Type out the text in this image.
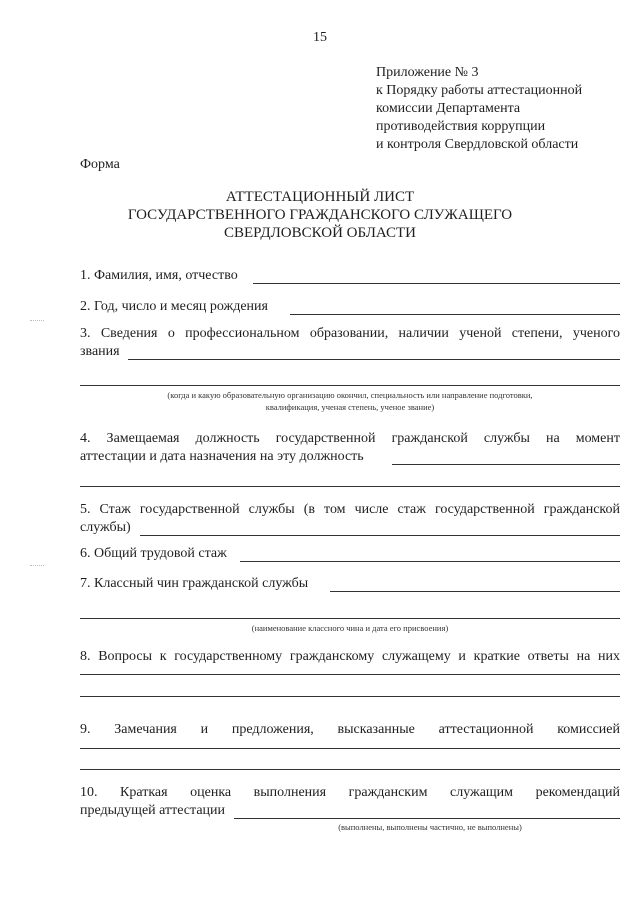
15
Приложение № 3
к Порядку работы аттестационной
комиссии Департамента
противодействия коррупции
и контроля Свердловской области
Форма
АТТЕСТАЦИОННЫЙ ЛИСТ
ГОСУДАРСТВЕННОГО ГРАЖДАНСКОГО СЛУЖАЩЕГО
СВЕРДЛОВСКОЙ ОБЛАСТИ
1. Фамилия, имя, отчество
2. Год, число и месяц рождения
3. Сведения о профессиональном образовании, наличии ученой степени, ученого
звания
(когда и какую образовательную организацию окончил, специальность или направление подготовки,
квалификация, ученая степень, ученое звание)
4. Замещаемая должность государственной гражданской службы на момент
аттестации и дата назначения на эту должность
5. Стаж государственной службы (в том числе стаж государственной гражданской
службы)
6. Общий трудовой стаж
7. Классный чин гражданской службы
(наименование классного чина и дата его присвоения)
8. Вопросы к государственному гражданскому служащему и краткие ответы на них
9. Замечания и предложения, высказанные аттестационной комиссией
10. Краткая оценка выполнения гражданским служащим рекомендаций
предыдущей аттестации
(выполнены, выполнены частично, не выполнены)
